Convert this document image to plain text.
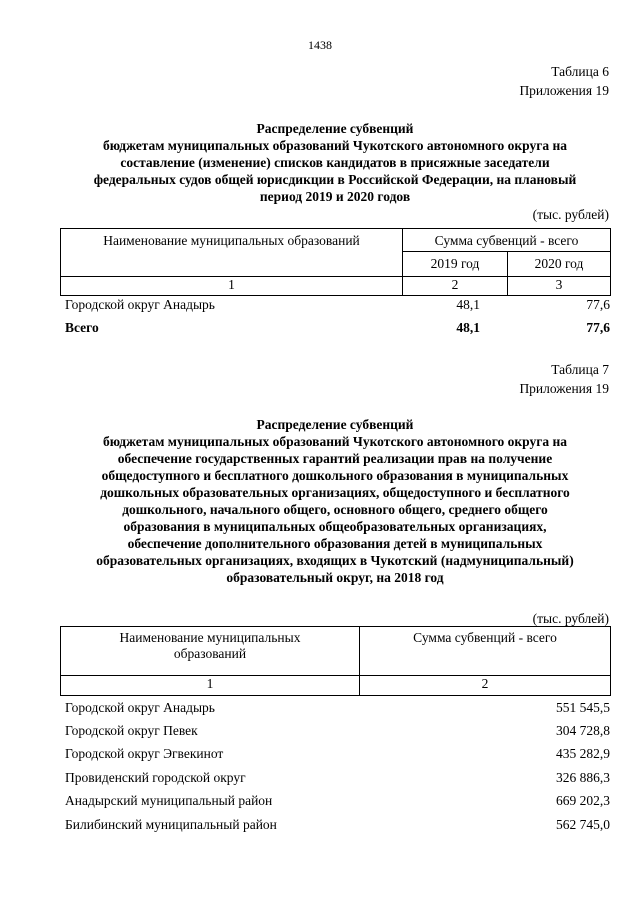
1438
Таблица 6
Приложения 19
Распределение субвенций
бюджетам муниципальных образований Чукотского автономного округа на
составление (изменение) списков кандидатов в присяжные заседатели
федеральных судов общей юрисдикции в Российской Федерации, на плановый
период 2019 и 2020 годов
(тыс. рублей)
Наименование муниципальных образований	Сумма субвенций - всего	
	2019 год	2020 год
1	2	3
Городской округ Анадырь	48,1	77,6
Всего	48,1	77,6
Таблица 7
Приложения 19
Распределение субвенций
бюджетам муниципальных образований Чукотского автономного округа на
обеспечение государственных гарантий реализации прав на получение
общедоступного и бесплатного дошкольного образования в муниципальных
дошкольных образовательных организациях, общедоступного и бесплатного
дошкольного, начального общего, основного общего, среднего общего
образования в муниципальных общеобразовательных организациях,
обеспечение дополнительного образования детей в муниципальных
образовательных организациях, входящих в Чукотский (надмуниципальный)
образовательный округ, на 2018 год
(тыс. рублей)
Наименование муниципальных
образований	Сумма субвенций - всего
1	2
Городской округ Анадырь	551 545,5
Городской округ Певек	304 728,8
Городской округ Эгвекинот	435 282,9
Провиденский городской округ	326 886,3
Анадырский муниципальный район	669 202,3
Билибинский муниципальный район	562 745,0
